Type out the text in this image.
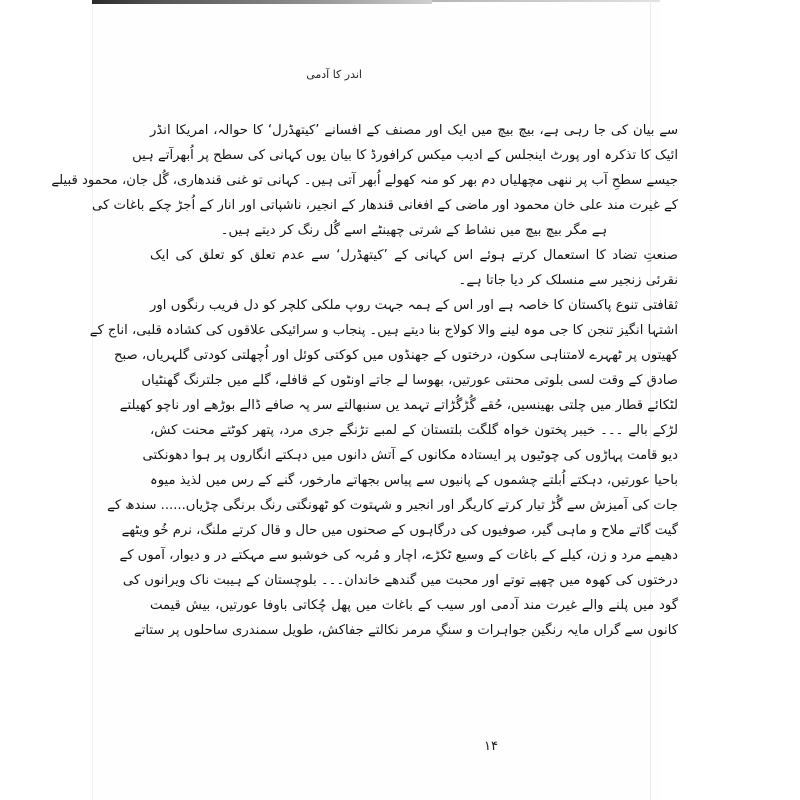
اندر کا آدمی
سے بیان کی جا رہی ہے، بیچ بیچ میں ایک اور مصنف کے افسانے ’کیتھڈرل‘ کا حوالہ، امریکا انڈر
ائیک کا تذکرہ اور پورٹ اینجلس کے ادیب میکس کرافورڈ کا بیان یوں کہانی کی سطح پر اُبھرآتے ہیں
جیسے سطحِ آب پر ننھی مچھلیاں دم بھر کو منہ کھولے اُبھر آتی ہیں۔ کہانی تو غنی قندھاری، گُل جان، محمود قبیلے
کے غیرت مند علی خان محمود اور ماضی کے افغانی قندھار کے انجیر، ناشپاتی اور انار کے اُجڑ چکے باغات کی
ہے مگر بیچ بیچ میں نشاط کے شرتی چھینٹے اسے گُل رنگ کر دیتے ہیں۔
صنعتِ تضاد کا استعمال کرتے ہوئے اس کہانی کے ’کیتھڈرل‘ سے عدم تعلق کو تعلق کی ایک
نقرئی زنجیر سے منسلک کر دیا جاتا ہے۔
ثقافتی تنوع پاکستان کا خاصہ ہے اور اس کے ہمہ جہت روپ ملکی کلچر کو دل فریب رنگوں اور
اشتہا انگیز تنجن کا جی موہ لینے والا کولاج بنا دیتے ہیں۔ پنجاب و سرائیکی علاقوں کی کشادہ قلبی، اناج کے
کھیتوں پر ٹھہرے لامتناہی سکون، درختوں کے جھنڈوں میں کوکتی کوئل اور اُچھلتی کودتی گلہریاں، صبح
صادق کے وقت لسی بلوتی محنتی عورتیں، بھوسا لے جاتے اونٹوں کے قافلے، گلے میں جلترنگ گھنٹیاں
لٹکائے قطار میں چلتی بھینسیں، حُقے گُڑگُڑاتے تہمد یں سنبھالتے سر پہ صافے ڈالے بوڑھے اور ناچو کھیلتے
لڑکے بالے ۔۔۔ خیبر پختون خواہ گلگت بلتستان کے لمبے تڑنگے جری مرد، پتھر کوٹتے محنت کش،
دیو قامت پہاڑوں کی چوٹیوں پر ایستادہ مکانوں کے آتش دانوں میں دہکتے انگاروں پر ہوا دھونکتی
باحیا عورتیں، دہکتے اُبلتے چشموں کے پانیوں سے پیاس بجھاتے مارخور، گنے کے رس میں لذیذ میوہ
جات کی آمیزش سے گُڑ تیار کرتے کاریگر اور انجیر و شہتوت کو ٹھونگتی رنگ برنگی چڑیاں...... سندھ کے
گیت گاتے ملاح و ماہی گیر، صوفیوں کی درگاہوں کے صحنوں میں حال و قال کرتے ملنگ، نرم خُو ویٹھے
دھیمے مرد و زن، کیلے کے باغات کے وسیع ٹکڑے، اچار و مُربہ کی خوشبو سے مہکتے در و دیوار، آموں کے
درختوں کی کھوہ میں چھپے توتے اور محبت میں گندھے خاندان۔۔۔ بلوچستان کے ہیبت ناک ویرانوں کی
گود میں پلنے والے غیرت مند آدمی اور سیب کے باغات میں پھل چُکاتی باوفا عورتیں، بیش قیمت
کانوں سے گراں مایہ رنگین جواہرات و سنگِ مرمر نکالتے جفاکش، طویل سمندری ساحلوں پر ستاتے
۱۴
